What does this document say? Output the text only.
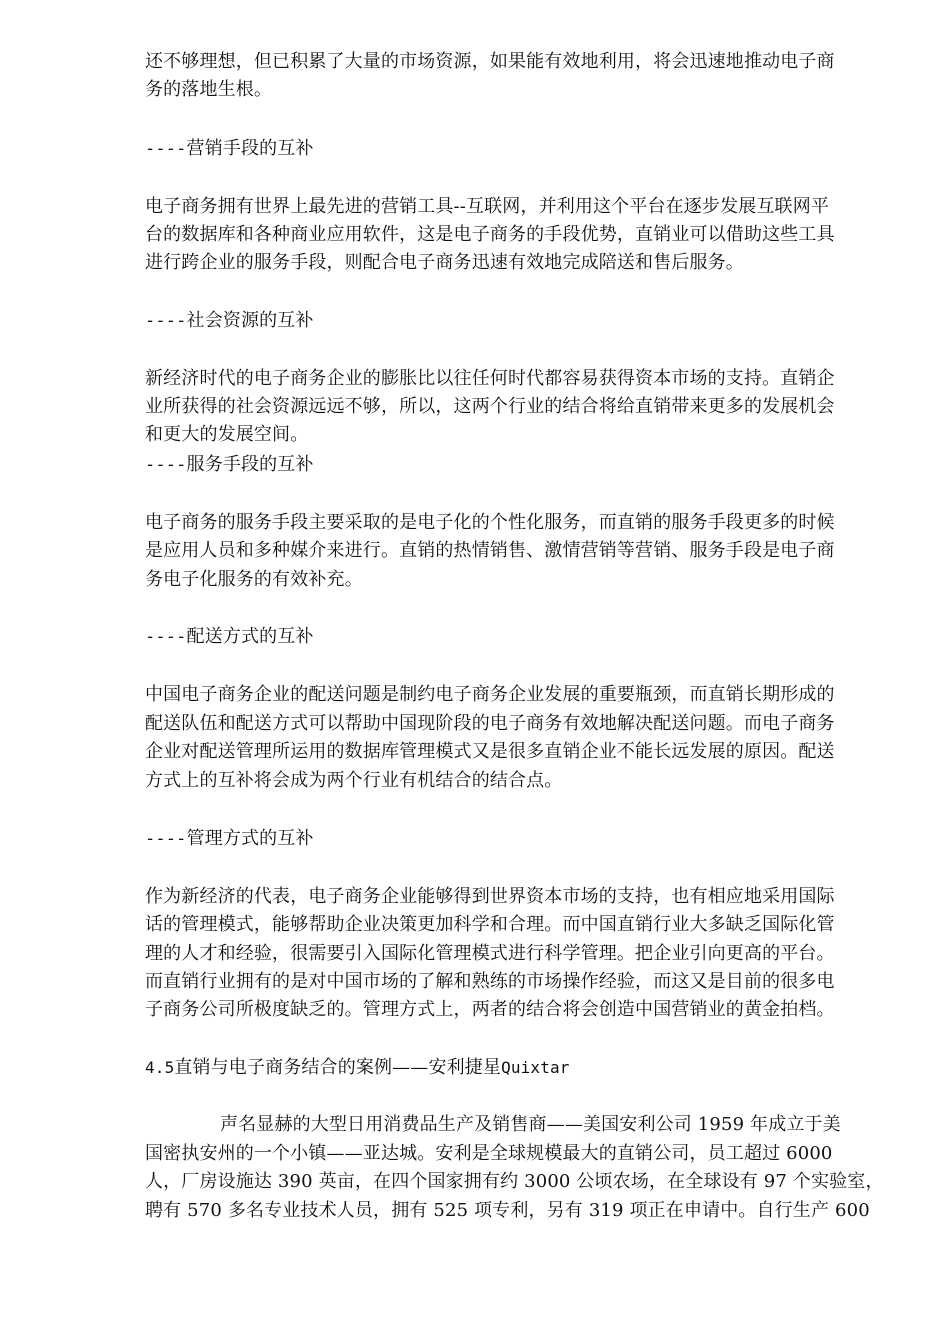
还不够理想，但已积累了大量的市场资源，如果能有效地利用，将会迅速地推动电子商
务的落地生根。
----营销手段的互补
电子商务拥有世界上最先进的营销工具--互联网，并利用这个平台在逐步发展互联网平
台的数据库和各种商业应用软件，这是电子商务的手段优势，直销业可以借助这些工具
进行跨企业的服务手段，则配合电子商务迅速有效地完成陪送和售后服务。
----社会资源的互补
新经济时代的电子商务企业的膨胀比以往任何时代都容易获得资本市场的支持。直销企
业所获得的社会资源远远不够，所以，这两个行业的结合将给直销带来更多的发展机会
和更大的发展空间。
----服务手段的互补
电子商务的服务手段主要采取的是电子化的个性化服务，而直销的服务手段更多的时候
是应用人员和多种媒介来进行。直销的热情销售、激情营销等营销、服务手段是电子商
务电子化服务的有效补充。
----配送方式的互补
中国电子商务企业的配送问题是制约电子商务企业发展的重要瓶颈，而直销长期形成的
配送队伍和配送方式可以帮助中国现阶段的电子商务有效地解决配送问题。而电子商务
企业对配送管理所运用的数据库管理模式又是很多直销企业不能长远发展的原因。配送
方式上的互补将会成为两个行业有机结合的结合点。
----管理方式的互补
作为新经济的代表，电子商务企业能够得到世界资本市场的支持，也有相应地采用国际
话的管理模式，能够帮助企业决策更加科学和合理。而中国直销行业大多缺乏国际化管
理的人才和经验，很需要引入国际化管理模式进行科学管理。把企业引向更高的平台。
而直销行业拥有的是对中国市场的了解和熟练的市场操作经验，而这又是目前的很多电
子商务公司所极度缺乏的。管理方式上，两者的结合将会创造中国营销业的黄金拍档。
4.5直销与电子商务结合的案例——安利捷星Quixtar
声名显赫的大型日用消费品生产及销售商——美国安利公司 1959 年成立于美
国密执安州的一个小镇——亚达城。安利是全球规模最大的直销公司，员工超过 6000
人，厂房设施达 390 英亩，在四个国家拥有约 3000 公顷农场，在全球设有 97 个实验室，
聘有 570 多名专业技术人员，拥有 525 项专利，另有 319 项正在申请中。自行生产 600
